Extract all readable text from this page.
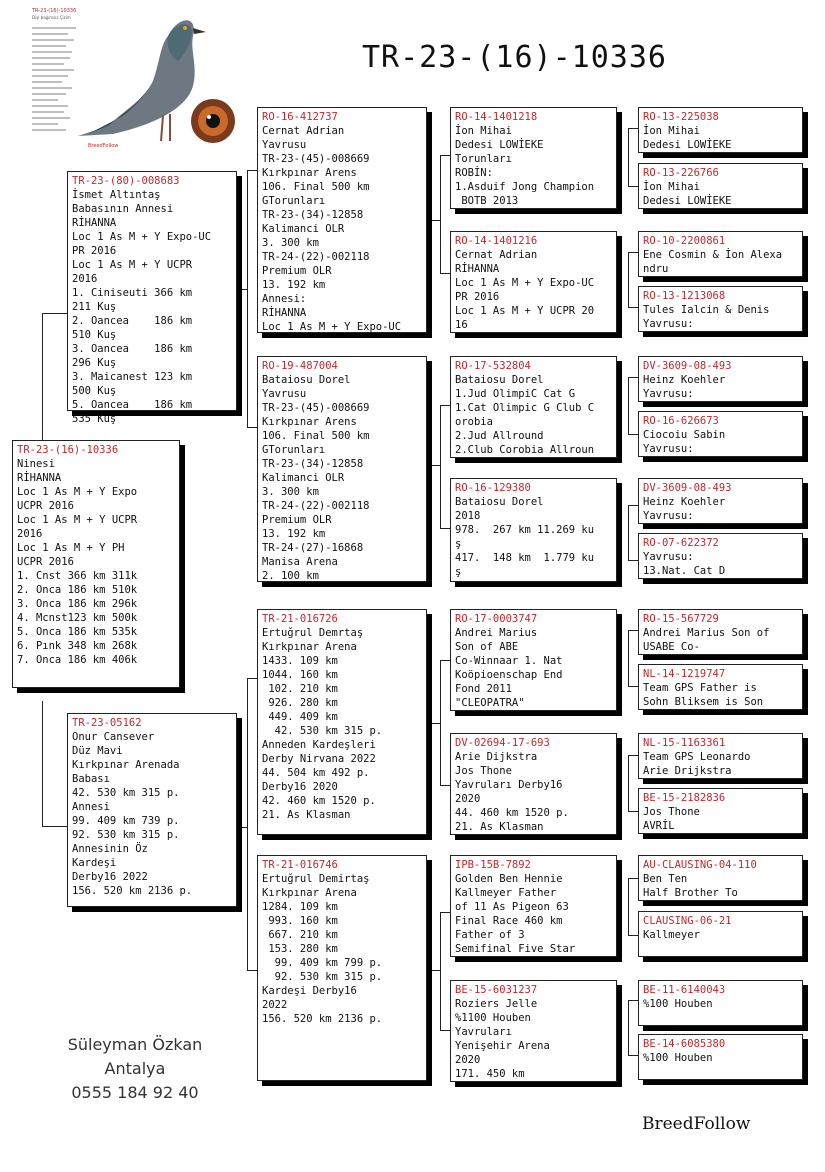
TR-23-(16)-10336
TR-23-(16)-10336
Dişi bağımsız Çizim
BreedFollow
TR-23-(16)-10336
Ninesi
RİHANNA
Loc 1 As M + Y Expo
UCPR 2016
Loc 1 As M + Y UCPR
2016
Loc 1 As M + Y PH
UCPR 2016
1. Cnst 366 km 311k
2. Onca 186 km 510k
3. Onca 186 km 296k
4. Mcnst123 km 500k
5. Onca 186 km 535k
6. Pınk 348 km 268k
7. Onca 186 km 406k
TR-23-(80)-008683
İsmet Altıntaş
Babasının Annesi
RİHANNA
Loc 1 As M + Y Expo-UC
PR 2016
Loc 1 As M + Y UCPR
2016
1. Ciniseuti 366 km
211 Kuş
2. Oancea    186 km
510 Kuş
3. Oancea    186 km
296 Kuş
3. Maicanest 123 km
500 Kuş
5. Oancea    186 km
535 Kuş
TR-23-05162
Onur Cansever
Düz Mavi
Kırkpınar Arenada
Babası
42. 530 km 315 p.
Annesi
99. 409 km 739 p.
92. 530 km 315 p.
Annesinin Öz
Kardeşi
Derby16 2022
156. 520 km 2136 p.
RO-16-412737
Cernat Adrian
Yavrusu
TR-23-(45)-008669
Kırkpınar Arens
106. Final 500 km
GTorunları
TR-23-(34)-12858
Kalimanci OLR
3. 300 km
TR-24-(22)-002118
Premium OLR
13. 192 km
Annesi:
RİHANNA
Loc 1 As M + Y Expo-UC
RO-19-487004
Bataiosu Dorel
Yavrusu
TR-23-(45)-008669
Kırkpınar Arens
106. Final 500 km
GTorunları
TR-23-(34)-12858
Kalimanci OLR
3. 300 km
TR-24-(22)-002118
Premium OLR
13. 192 km
TR-24-(27)-16868
Manisa Arena
2. 100 km
TR-21-016726
Ertuğrul Demrtaş
Kırkpınar Arena
1433. 109 km
1044. 160 km
102. 210 km
926. 280 km
449. 409 km
42. 530 km 315 p.
Anneden Kardeşleri
Derby Nirvana 2022
44. 504 km 492 p.
Derby16 2020
42. 460 km 1520 p.
21. As Klasman
TR-21-016746
Ertuğrul Demirtaş
Kırkpınar Arena
1284. 109 km
993. 160 km
667. 210 km
153. 280 km
99. 409 km 799 p.
92. 530 km 315 p.
Kardeşi Derby16
2022
156. 520 km 2136 p.
RO-14-1401218
İon Mihai
Dedesi LOWİEKE
Torunları
ROBİN:
1.Asduif Jong Champion
BOTB 2013
RO-14-1401216
Cernat Adrian
RİHANNA
Loc 1 As M + Y Expo-UC
PR 2016
Loc 1 As M + Y UCPR 20
16
RO-17-532804
Bataiosu Dorel
1.Jud OlimpiC Cat G
1.Cat Olimpic G Club C
orobia
2.Jud Allround
2.Club Corobia Allroun
RO-16-129380
Bataiosu Dorel
2018
978.  267 km 11.269 ku
ş
417.  148 km  1.779 ku
ş
RO-17-0003747
Andrei Marius
Son of ABE
Co-Winnaar 1. Nat
Koöpioenschap End
Fond 2011
"CLEOPATRA"
DV-02694-17-693
Arie Dijkstra
Jos Thone
Yavruları Derby16
2020
44. 460 km 1520 p.
21. As Klasman
IPB-15B-7892
Golden Ben Hennie
Kallmeyer Father
of 11 As Pigeon 63
Final Race 460 km
Father of 3
Semifinal Five Star
BE-15-6031237
Roziers Jelle
%1100 Houben
Yavruları
Yenişehir Arena
2020
171. 450 km
RO-13-225038
İon Mihai
Dedesi LOWİEKE
RO-13-226766
İon Mihai
Dedesi LOWİEKE
RO-10-2200861
Ene Cosmin & İon Alexa
ndru
RO-13-1213068
Tules Ialcin & Denis
Yavrusu:
DV-3609-08-493
Heinz Koehler
Yavrusu:
RO-16-626673
Ciocoiu Sabin
Yavrusu:
DV-3609-08-493
Heinz Koehler
Yavrusu:
RO-07-622372
Yavrusu:
13.Nat. Cat D
RO-15-567729
Andrei Marius Son of
USABE Co-
NL-14-1219747
Team GPS Father is
Sohn Bliksem is Son
NL-15-1163361
Team GPS Leonardo
Arie Drijkstra
BE-15-2182836
Jos Thone
AVRİL
AU-CLAUSING-04-110
Ben Ten
Half Brother To
CLAUSING-06-21
Kallmeyer
BE-11-6140043
%100 Houben
BE-14-6085380
%100 Houben
Süleyman Özkan
Antalya
0555 184 92 40
BreedFollow
